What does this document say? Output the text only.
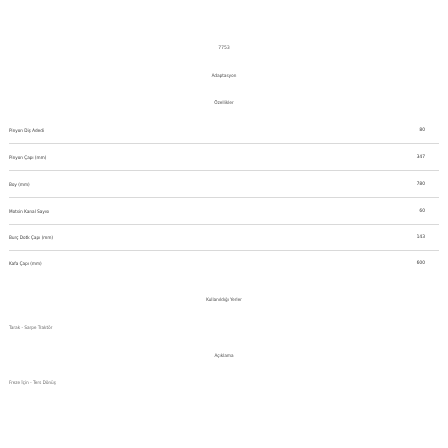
7753
Adaptasyon
Özellikler
Pinyon Diş Adedi	80
Pinyon Çapı (mm)	347
Boy (mm)	780
Motsin Kanal Sayısı	60
Burç Dotk Çapı (mm)	143
Kafa Çapı (mm)	600
Kullanıldığı Yerler
Tarak - Sarpe Traktör
Açıklama
Freze İçin - Ters Dönüş
